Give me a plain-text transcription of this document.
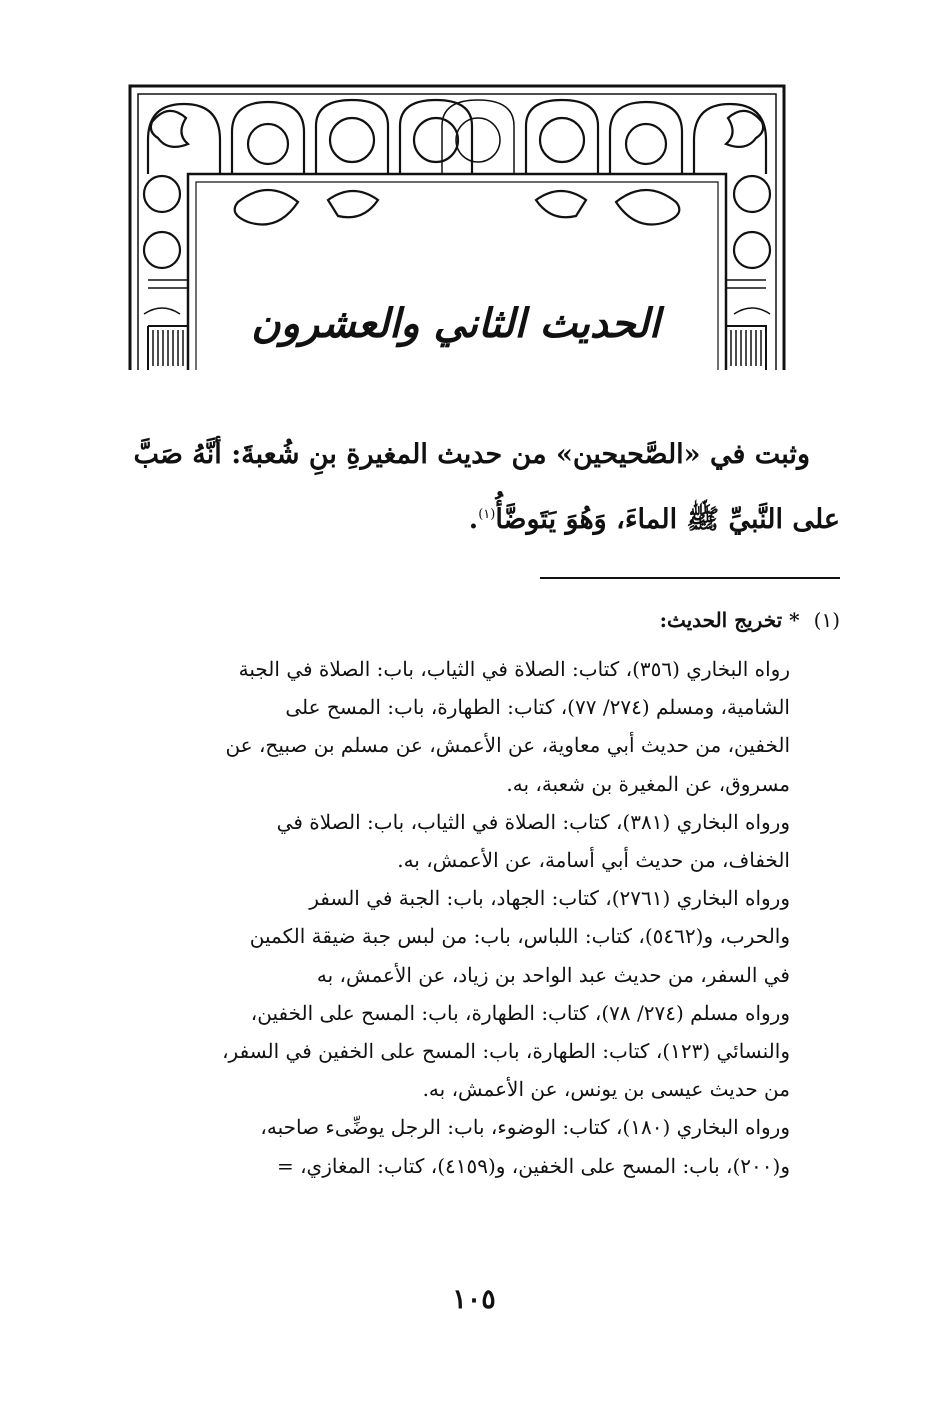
الحديث الثاني والعشرون
وثبت في «الصَّحيحين» من حديث المغيرةِ بنِ شُعبةَ: أنَّهُ صَبَّ
على النَّبيِّ ﷺ الماءَ، وَهُوَ يَتَوضَّأُ$^{(١)}$.
(١)* تخريج الحديث:
رواه البخاري (٣٥٦)، كتاب: الصلاة في الثياب، باب: الصلاة في الجبة
الشامية، ومسلم (٢٧٤/ ٧٧)، كتاب: الطهارة، باب: المسح على
الخفين، من حديث أبي معاوية، عن الأعمش، عن مسلم بن صبيح، عن
مسروق، عن المغيرة بن شعبة، به.
ورواه البخاري (٣٨١)، كتاب: الصلاة في الثياب، باب: الصلاة في
الخفاف، من حديث أبي أسامة، عن الأعمش، به.
ورواه البخاري (٢٧٦١)، كتاب: الجهاد، باب: الجبة في السفر
والحرب، و(٥٤٦٢)، كتاب: اللباس، باب: من لبس جبة ضيقة الكمين
في السفر، من حديث عبد الواحد بن زياد، عن الأعمش، به
ورواه مسلم (٢٧٤/ ٧٨)، كتاب: الطهارة، باب: المسح على الخفين،
والنسائي (١٢٣)، كتاب: الطهارة، باب: المسح على الخفين في السفر،
من حديث عيسى بن يونس، عن الأعمش، به.
ورواه البخاري (١٨٠)، كتاب: الوضوء، باب: الرجل يوضِّىء صاحبه،
و(٢٠٠)، باب: المسح على الخفين، و(٤١٥٩)، كتاب: المغازي، =
١٠٥
